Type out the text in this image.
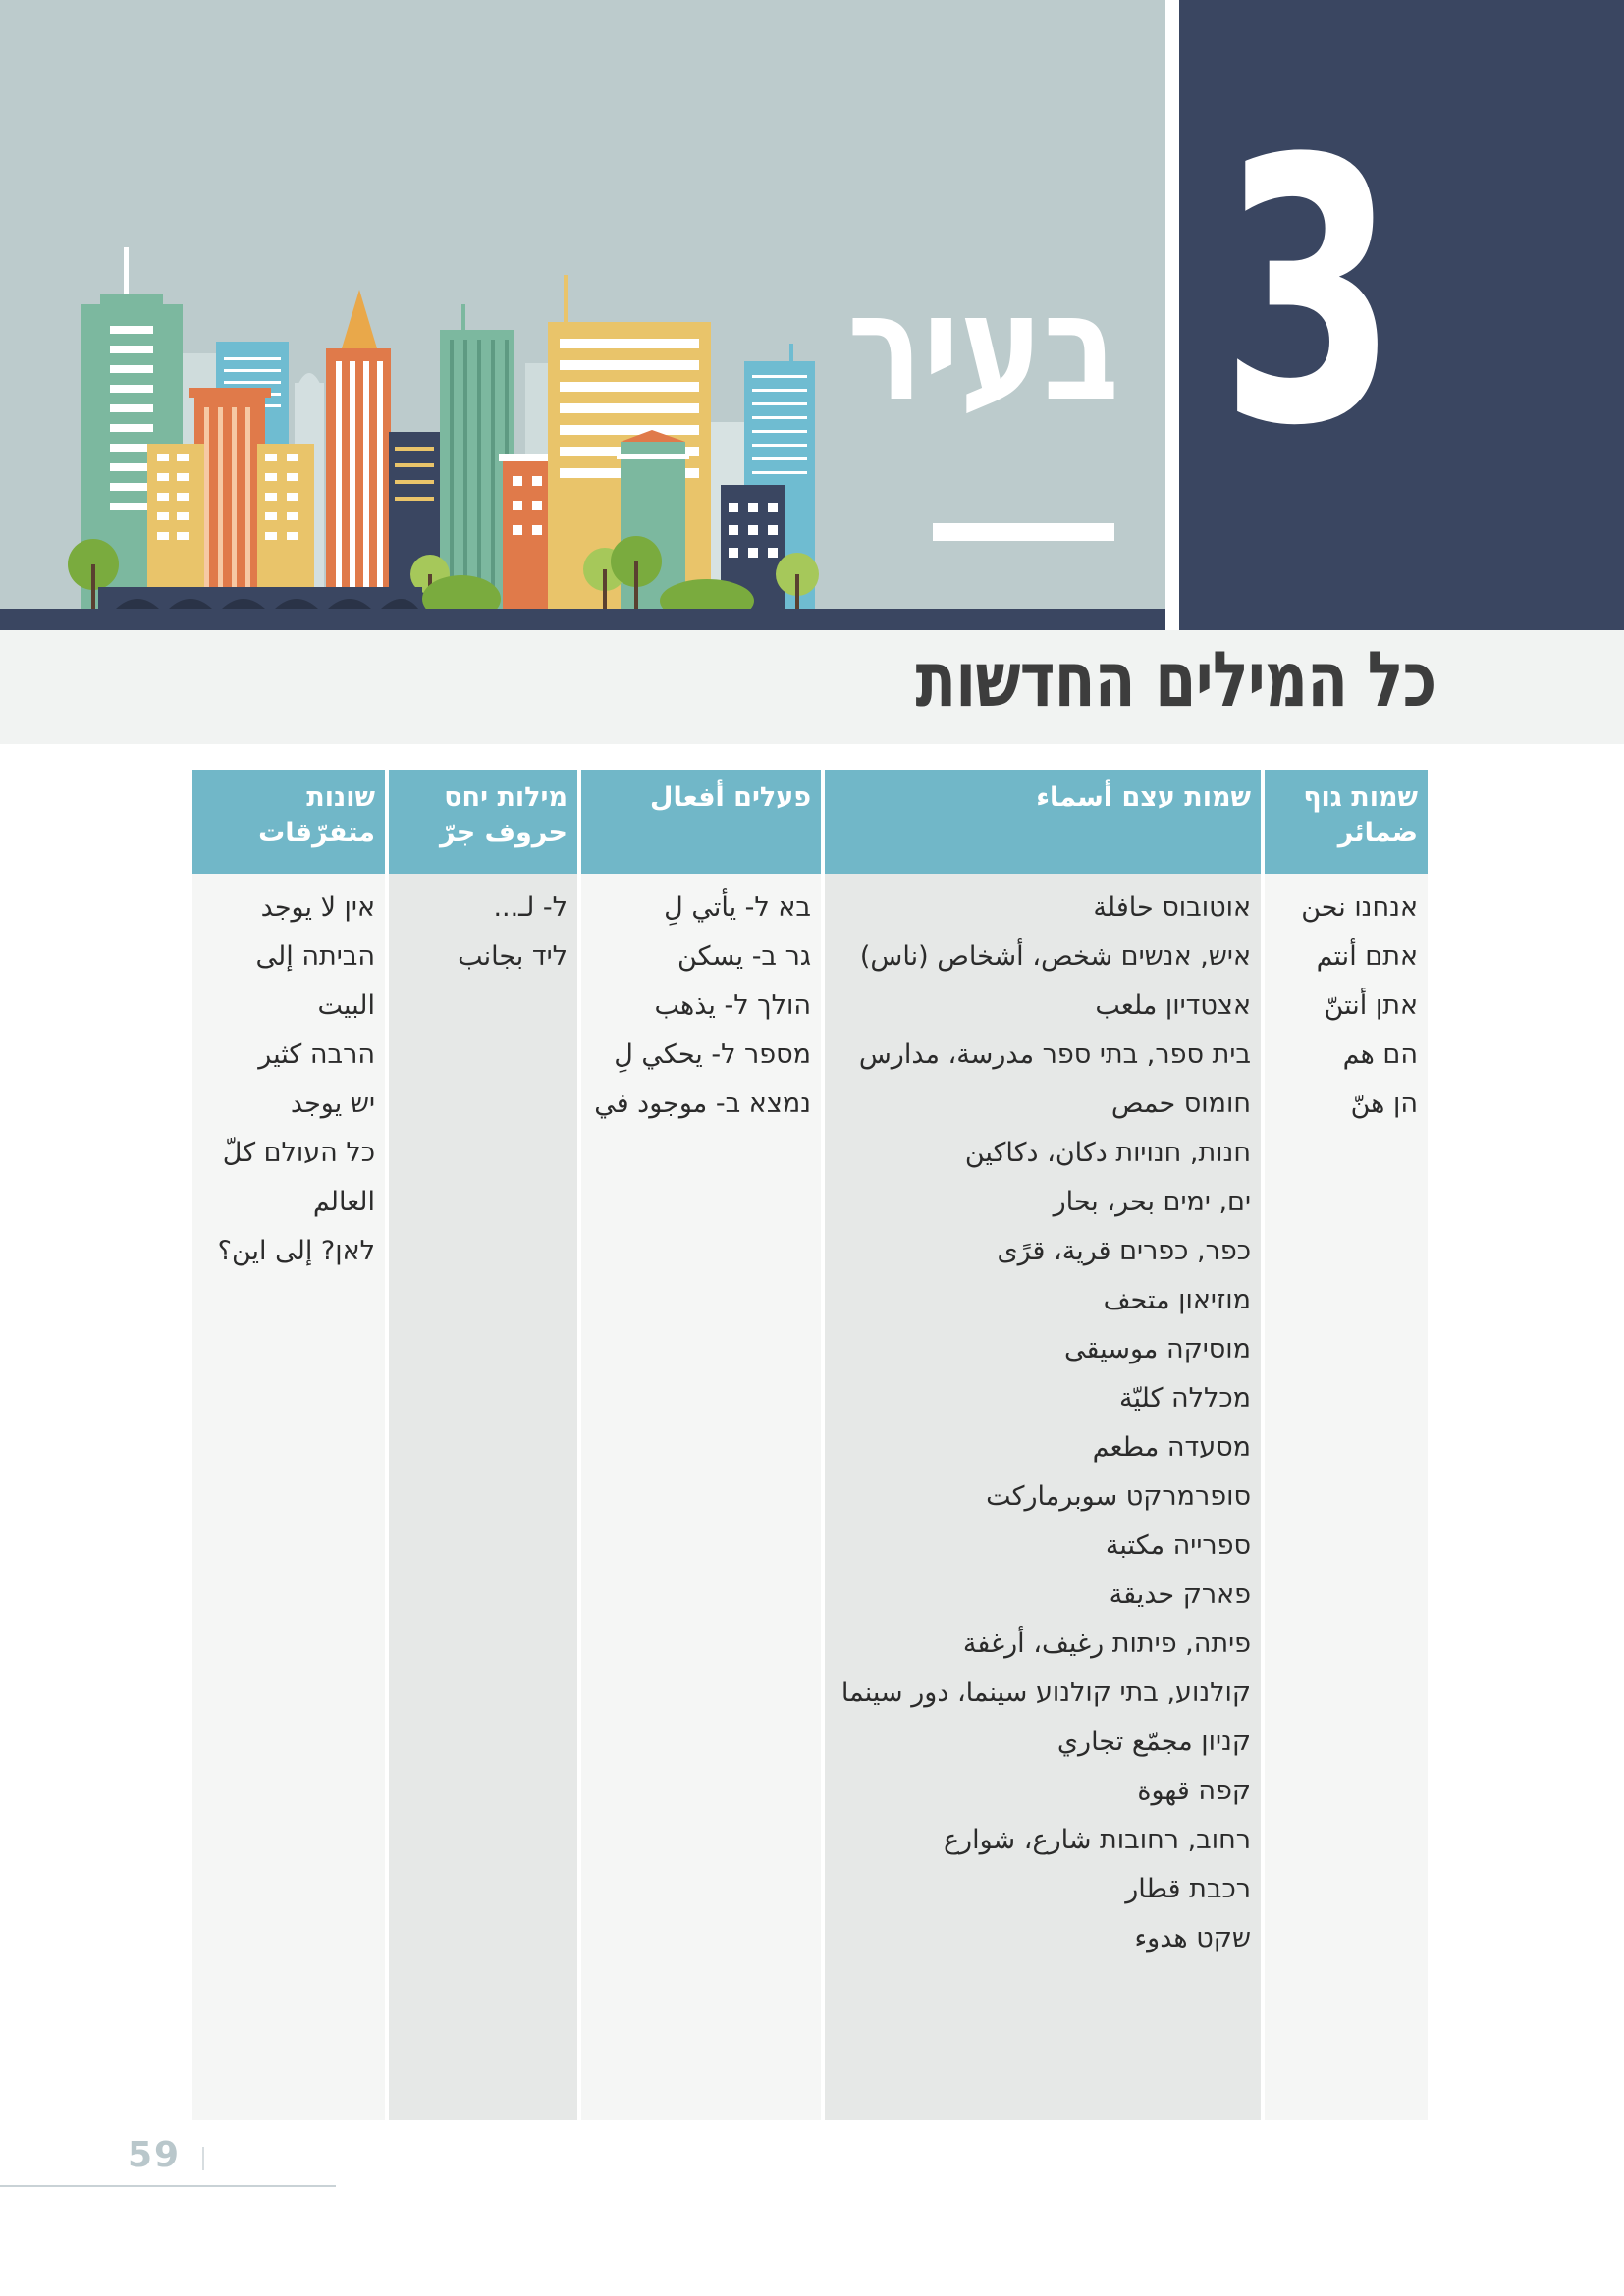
3
בעיר
כל המילים החדשות
שמות גוף
ضمائر
אנחנו نحن
אתם أنتم
אתן أنتنّ
הם هم
הן هنّ
שמות עצם أسماء
אוטובוס حافلة
איש, אנשים شخص، أشخاص (ناس)
אצטדיון ملعب
בית ספר, בתי ספר مدرسة، مدارس
חומוס حمص
חנות, חנויות دكان، دكاكين
ים, ימים بحر، بحار
כפר, כפרים قرية، قرًى
מוזיאון متحف
מוסיקה موسيقى
מכללה كليّة
מסעדה مطعم
סופרמרקט سوبرماركت
ספרייה مكتبة
פארק حديقة
פיתה, פיתות رغيف، أرغفة
קולנוע, בתי קולנוע سينما، دور سينما
קניון مجمّع تجاري
קפה قهوة
רחוב, רחובות شارع، شوارع
רכבת قطار
שקט هدوء
פעלים أفعال
בא ל- يأتي لِ
גר ב- يسكن
הולך ל- يذهب
מספר ל- يحكي لِ
נמצא ב- موجود في
מילות יחס
حروف جرّ
ל- لـ...
ליד بجانب
שונות
متفرّقات
אין لا يوجد
הביתה إلى البيت
הרבה كثير
יש يوجد
כל העולם كلّ العالم
לאן? إلى اين؟
59
